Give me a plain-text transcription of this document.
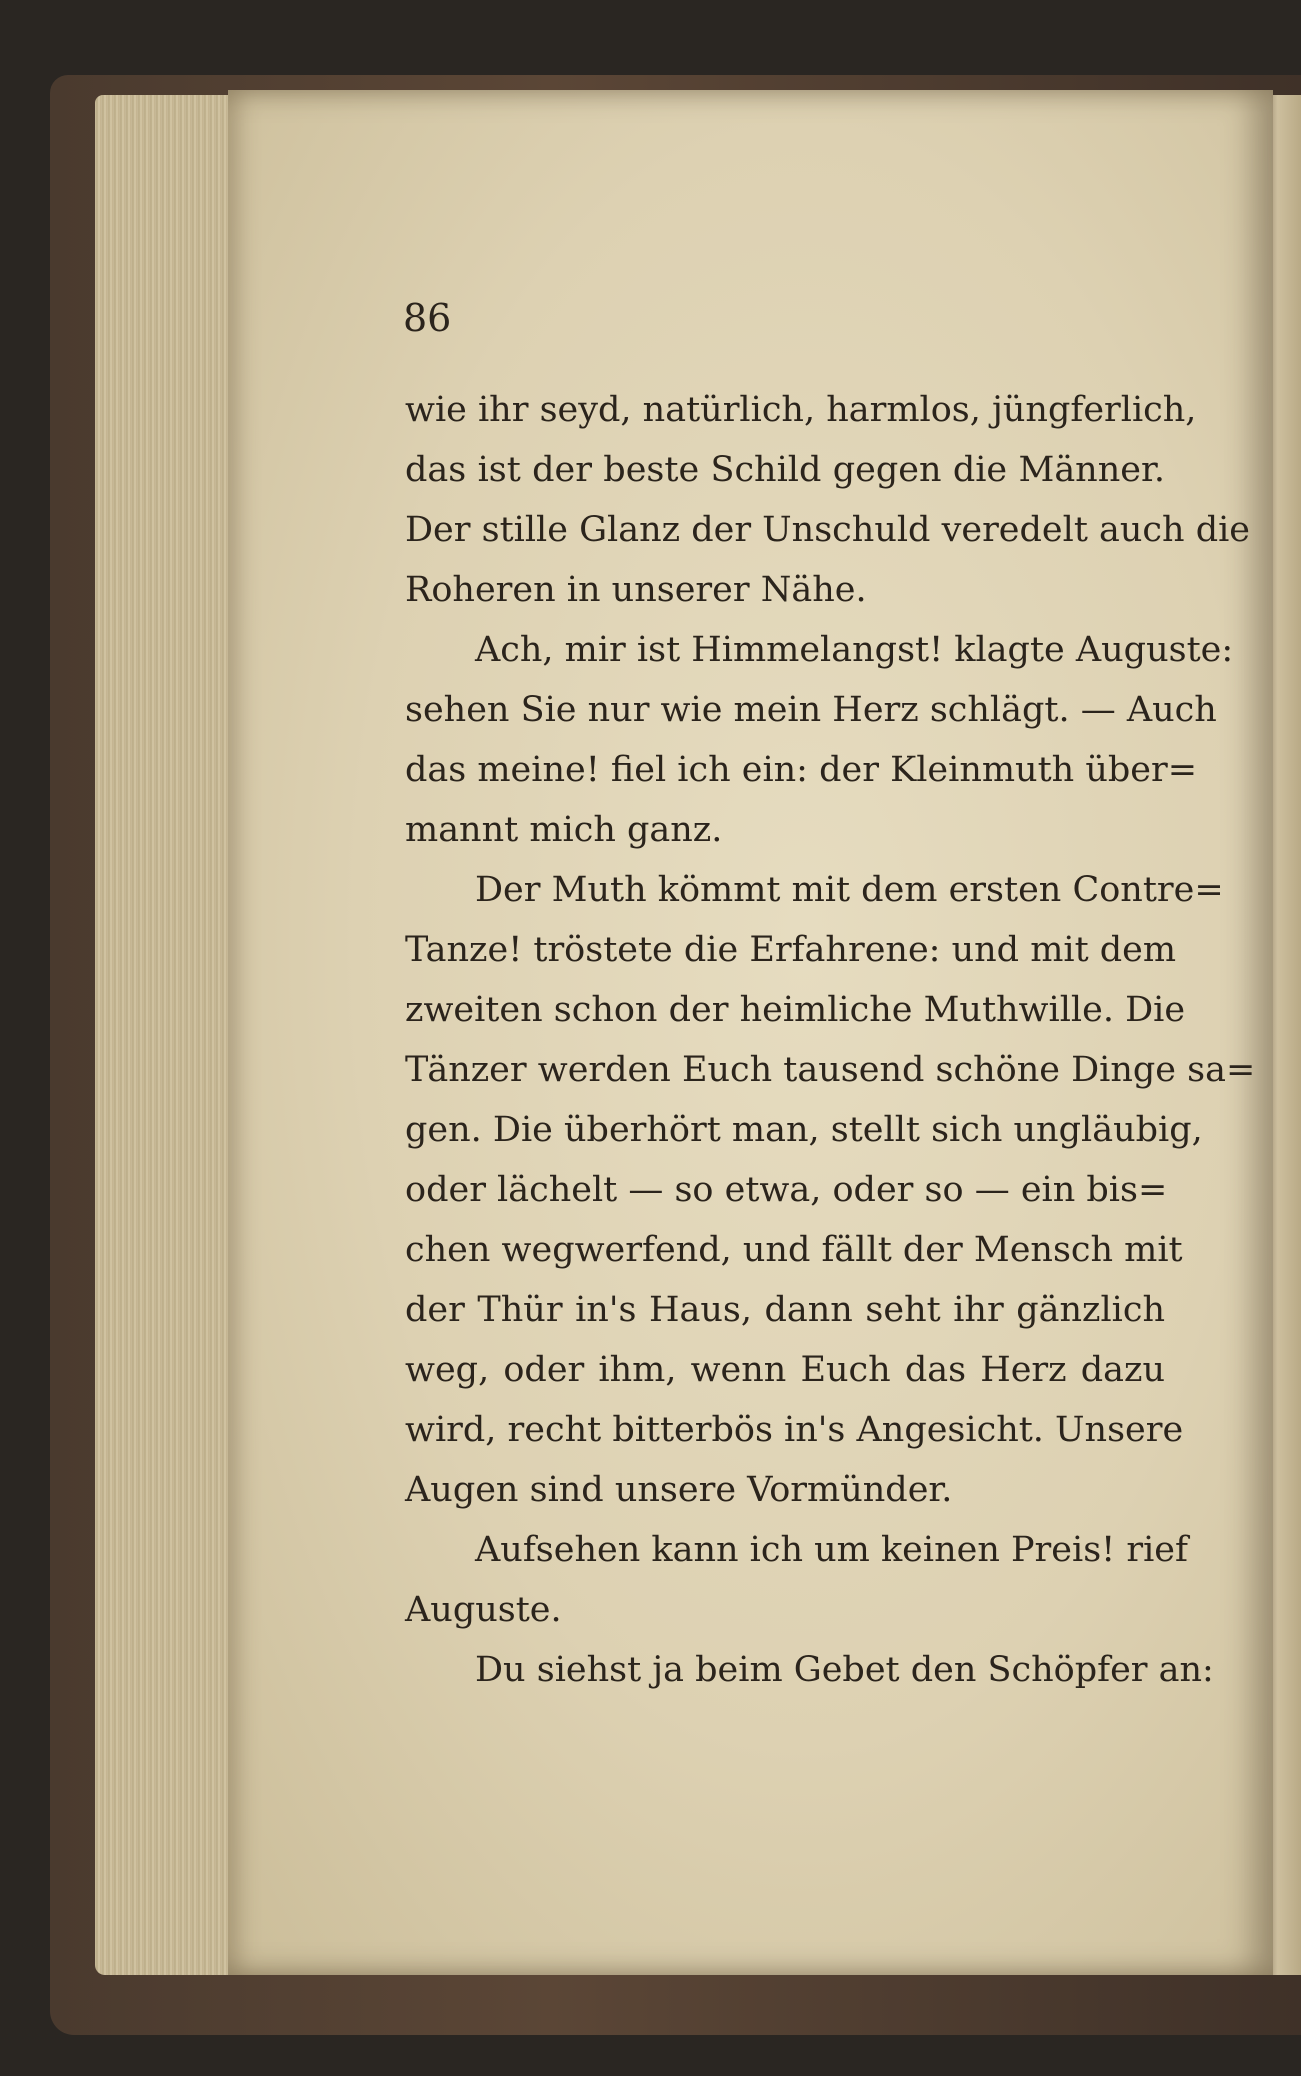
86
wie ihr seyd, natürlich, harmlos, jüngferlich,
das ist der beste Schild gegen die Männer.
Der stille Glanz der Unschuld veredelt auch die
Roheren in unserer Nähe.
Ach, mir ist Himmelangst! klagte Auguste:
sehen Sie nur wie mein Herz schlägt. — Auch
das meine! fiel ich ein: der Kleinmuth über=
mannt mich ganz.
Der Muth kömmt mit dem ersten Contre=
Tanze! tröstete die Erfahrene: und mit dem
zweiten schon der heimliche Muthwille. Die
Tänzer werden Euch tausend schöne Dinge sa=
gen. Die überhört man, stellt sich ungläubig,
oder lächelt — so etwa, oder so — ein bis=
chen wegwerfend, und fällt der Mensch mit
der Thür in's Haus, dann seht ihr gänzlich
weg, oder ihm, wenn Euch das Herz dazu
wird, recht bitterbös in's Angesicht. Unsere
Augen sind unsere Vormünder.
Aufsehen kann ich um keinen Preis! rief
Auguste.
Du siehst ja beim Gebet den Schöpfer an:
